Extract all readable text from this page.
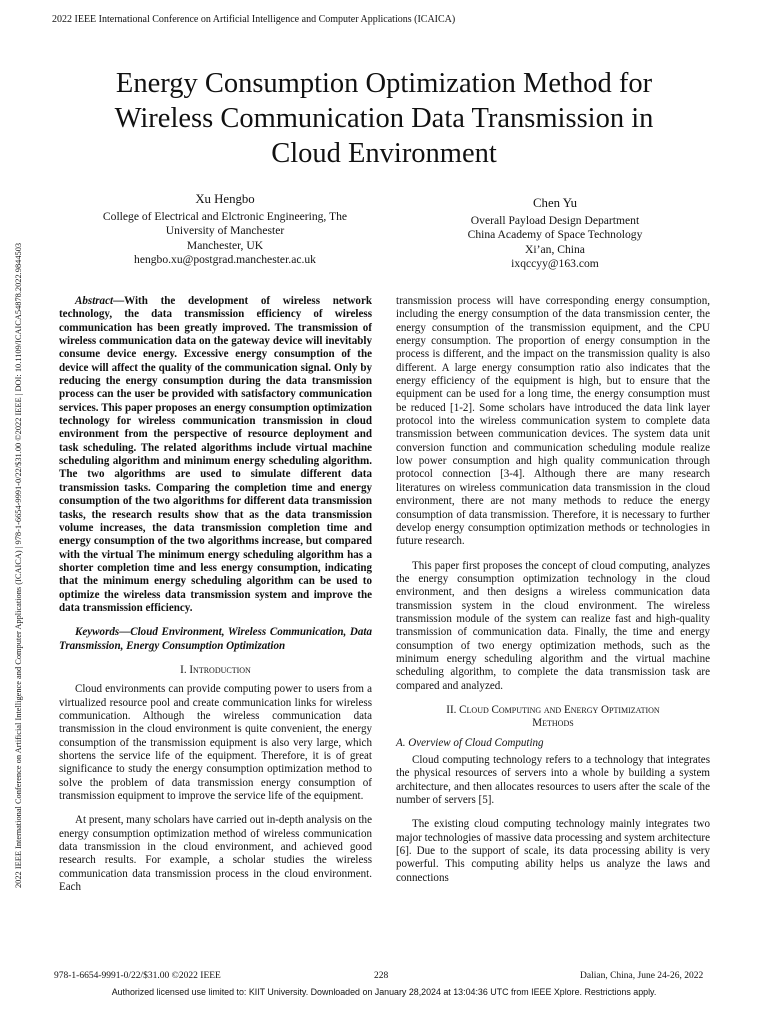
2022 IEEE International Conference on Artificial Intelligence and Computer Applications (ICAICA)
2022 IEEE International Conference on Artificial Intelligence and Computer Applications (ICAICA) | 978-1-6654-9991-0/22/$31.00 ©2022 IEEE | DOI: 10.1109/ICAICA54878.2022.9844503
Energy Consumption Optimization Method for
Wireless Communication Data Transmission in
Cloud Environment
Xu Hengbo
College of Electrical and Elctronic Engineering, The
University of Manchester
Manchester, UK
hengbo.xu@postgrad.manchester.ac.uk
Chen Yu
Overall Payload Design Department
China Academy of Space Technology
Xi’an, China
ixqccyy@163.com

Abstract—With the development of wireless network technology, the data transmission efficiency of wireless communication has been greatly improved. The transmission of wireless communication data on the gateway device will inevitably consume device energy. Excessive energy consumption of the device will affect the quality of the communication signal. Only by reducing the energy consumption during the data transmission process can the user be provided with satisfactory communication services. This paper proposes an energy consumption optimization technology for wireless communication transmission in cloud environment from the perspective of resource deployment and task scheduling. The related algorithms include virtual machine scheduling algorithm and minimum energy scheduling algorithm. The two algorithms are used to simulate different data transmission tasks. Comparing the completion time and energy consumption of the two algorithms for different data transmission tasks, the research results show that as the data transmission volume increases, the data transmission completion time and energy consumption of the two algorithms increase, but compared with the virtual The minimum energy scheduling algorithm has a shorter completion time and less energy consumption, indicating that the minimum energy scheduling algorithm can be used to optimize the wireless data transmission system and improve the data transmission efficiency.

Keywords—Cloud Environment, Wireless Communication, Data Transmission, Energy Consumption Optimization

I. Introduction

Cloud environments can provide computing power to users from a virtualized resource pool and create communication links for wireless communication. Although the wireless communication data transmission in the cloud environment is quite convenient, the energy consumption of the transmission equipment is also very large, which shortens the service life of the equipment. Therefore, it is of great significance to study the energy consumption optimization method to solve the problem of data transmission energy consumption of transmission equipment to improve the service life of the equipment.

At present, many scholars have carried out in-depth analysis on the energy consumption optimization method of wireless communication data transmission in the cloud environment, and achieved good research results. For example, a scholar studies the wireless communication data transmission process in the cloud environment. Each

transmission process will have corresponding energy consumption, including the energy consumption of the data transmission center, the energy consumption of the transmission equipment, and the CPU energy consumption. The proportion of energy consumption in the process is different, and the impact on the transmission quality is also different. A large energy consumption ratio also indicates that the energy efficiency of the equipment is high, but to ensure that the equipment can be used for a long time, the energy consumption must be reduced [1-2]. Some scholars have introduced the data link layer protocol into the wireless communication system to complete data transmission between communication devices. The system data unit conversion function and communication scheduling module realize low power consumption and high quality communication through protocol connection [3-4]. Although there are many research literatures on wireless communication data transmission in the cloud environment, there are not many methods to reduce the energy consumption of data transmission. Therefore, it is necessary to further develop energy consumption optimization methods or technologies in future research.

This paper first proposes the concept of cloud computing, analyzes the energy consumption optimization technology in the cloud environment, and then designs a wireless communication data transmission system in the cloud environment. The wireless transmission module of the system can realize fast and high-quality transmission of communication data. Finally, the time and energy consumption of two energy optimization methods, such as the minimum energy scheduling algorithm and the virtual machine scheduling algorithm, to complete the data transmission task are compared and analyzed.

II. Cloud Computing and Energy Optimization
Methods

A. Overview of Cloud Computing

Cloud computing technology refers to a technology that integrates the physical resources of servers into a whole by building a system architecture, and then allocates resources to users after the scale of the number of servers [5].

The existing cloud computing technology mainly integrates two major technologies of massive data processing and system architecture [6]. Due to the support of scale, its data processing ability is very powerful. This computing ability helps us analyze the laws and connections

978-1-6654-9991-0/22/$31.00 ©2022 IEEE	228	Dalian, China, June 24-26, 2022
Authorized licensed use limited to: KIIT University. Downloaded on January 28,2024 at 13:04:36 UTC from IEEE Xplore. Restrictions apply.
